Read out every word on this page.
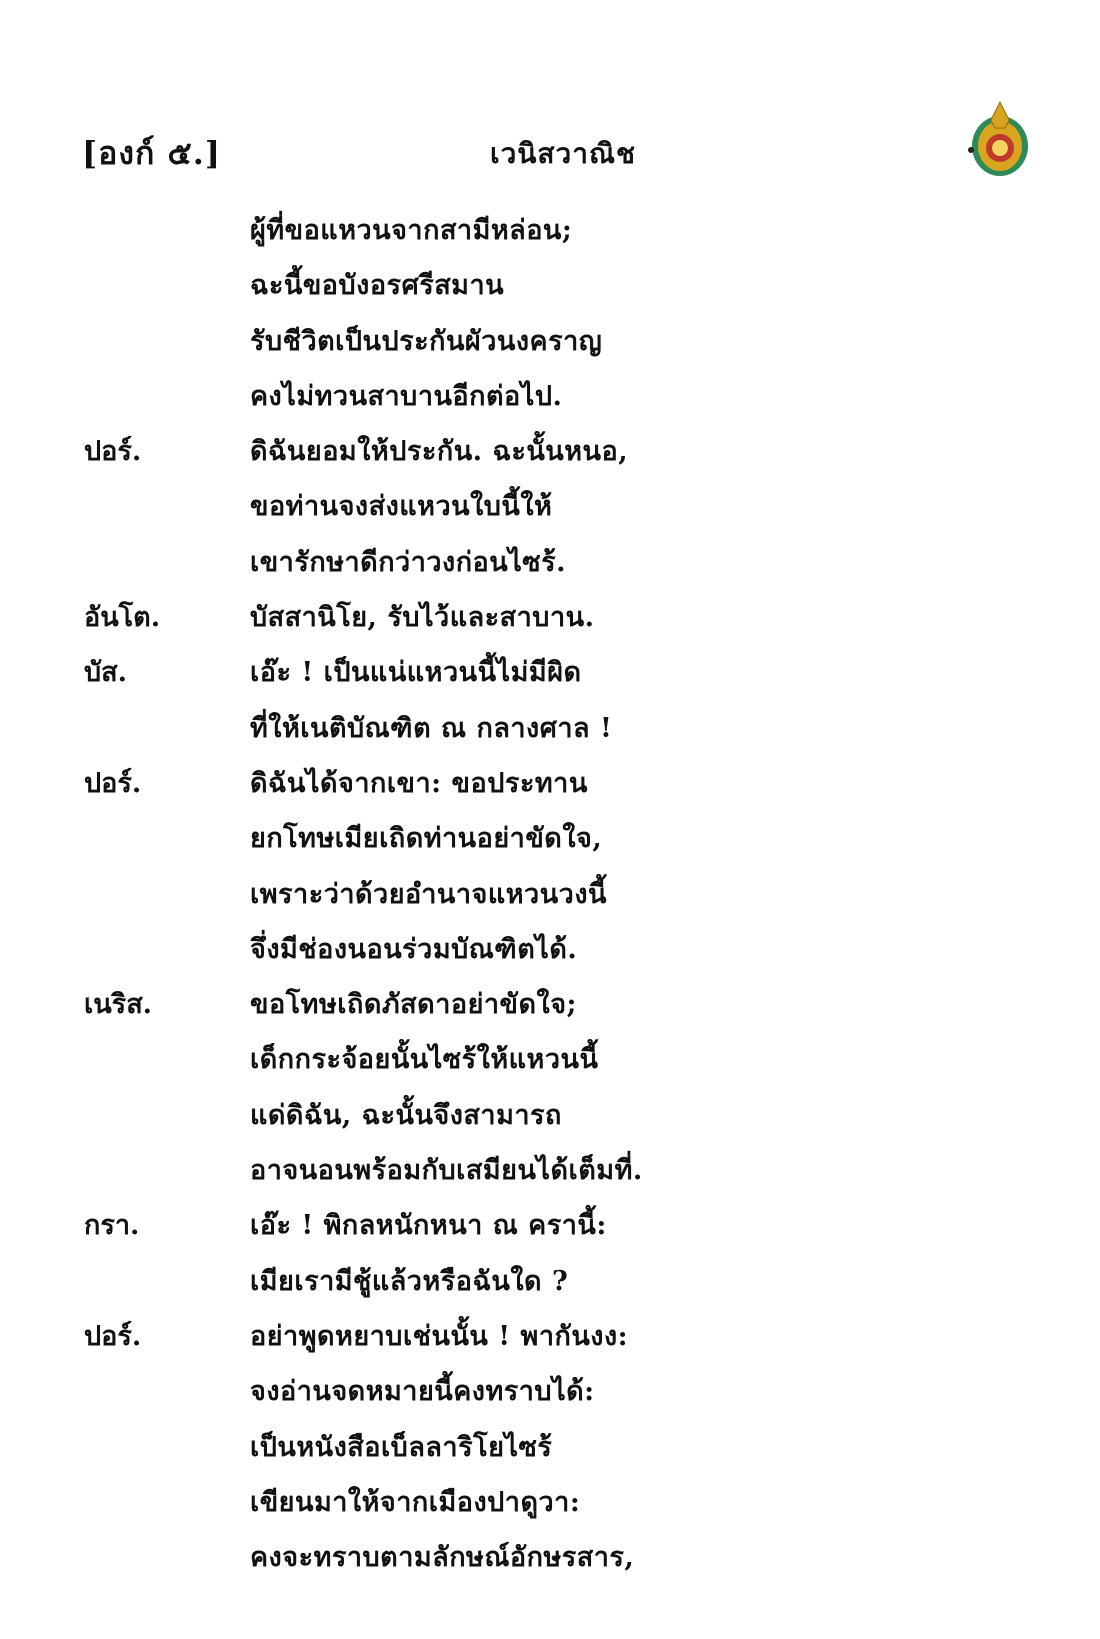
[องก์ ๕.]	เวนิสวาณิช
ผู้ที่ขอแหวนจากสามีหล่อน;
ฉะนี้ขอบังอรศรีสมาน
รับชีวิตเป็นประกันผัวนงคราญ
คงไม่ทวนสาบานอีกต่อไป.
ปอร์.	ดิฉันยอมให้ประกัน. ฉะนั้นหนอ,
ขอท่านจงส่งแหวนใบนี้ให้
เขารักษาดีกว่าวงก่อนไซร้.
อันโต.	บัสสานิโย, รับไว้และสาบาน.
บัส.	เอ๊ะ ! เป็นแน่แหวนนี้ไม่มีผิด
ที่ให้เนติบัณฑิต ณ กลางศาล !
ปอร์.	ดิฉันได้จากเขา: ขอประทาน
ยกโทษเมียเถิดท่านอย่าขัดใจ,
เพราะว่าด้วยอำนาจแหวนวงนี้
จึ่งมีช่องนอนร่วมบัณฑิตได้.
เนริส.	ขอโทษเถิดภัสดาอย่าขัดใจ;
เด็กกระจ้อยนั้นไซร้ให้แหวนนี้
แด่ดิฉัน, ฉะนั้นจึงสามารถ
อาจนอนพร้อมกับเสมียนได้เต็มที่.
กรา.	เอ๊ะ ! พิกลหนักหนา ณ ครานี้:
เมียเรามีชู้แล้วหรือฉันใด ?
ปอร์.	อย่าพูดหยาบเช่นนั้น ! พากันงง:
จงอ่านจดหมายนี้คงทราบได้:
เป็นหนังสือเบ็ลลาริโยไซร้
เขียนมาให้จากเมืองปาดูวา:
คงจะทราบตามลักษณ์อักษรสาร,
